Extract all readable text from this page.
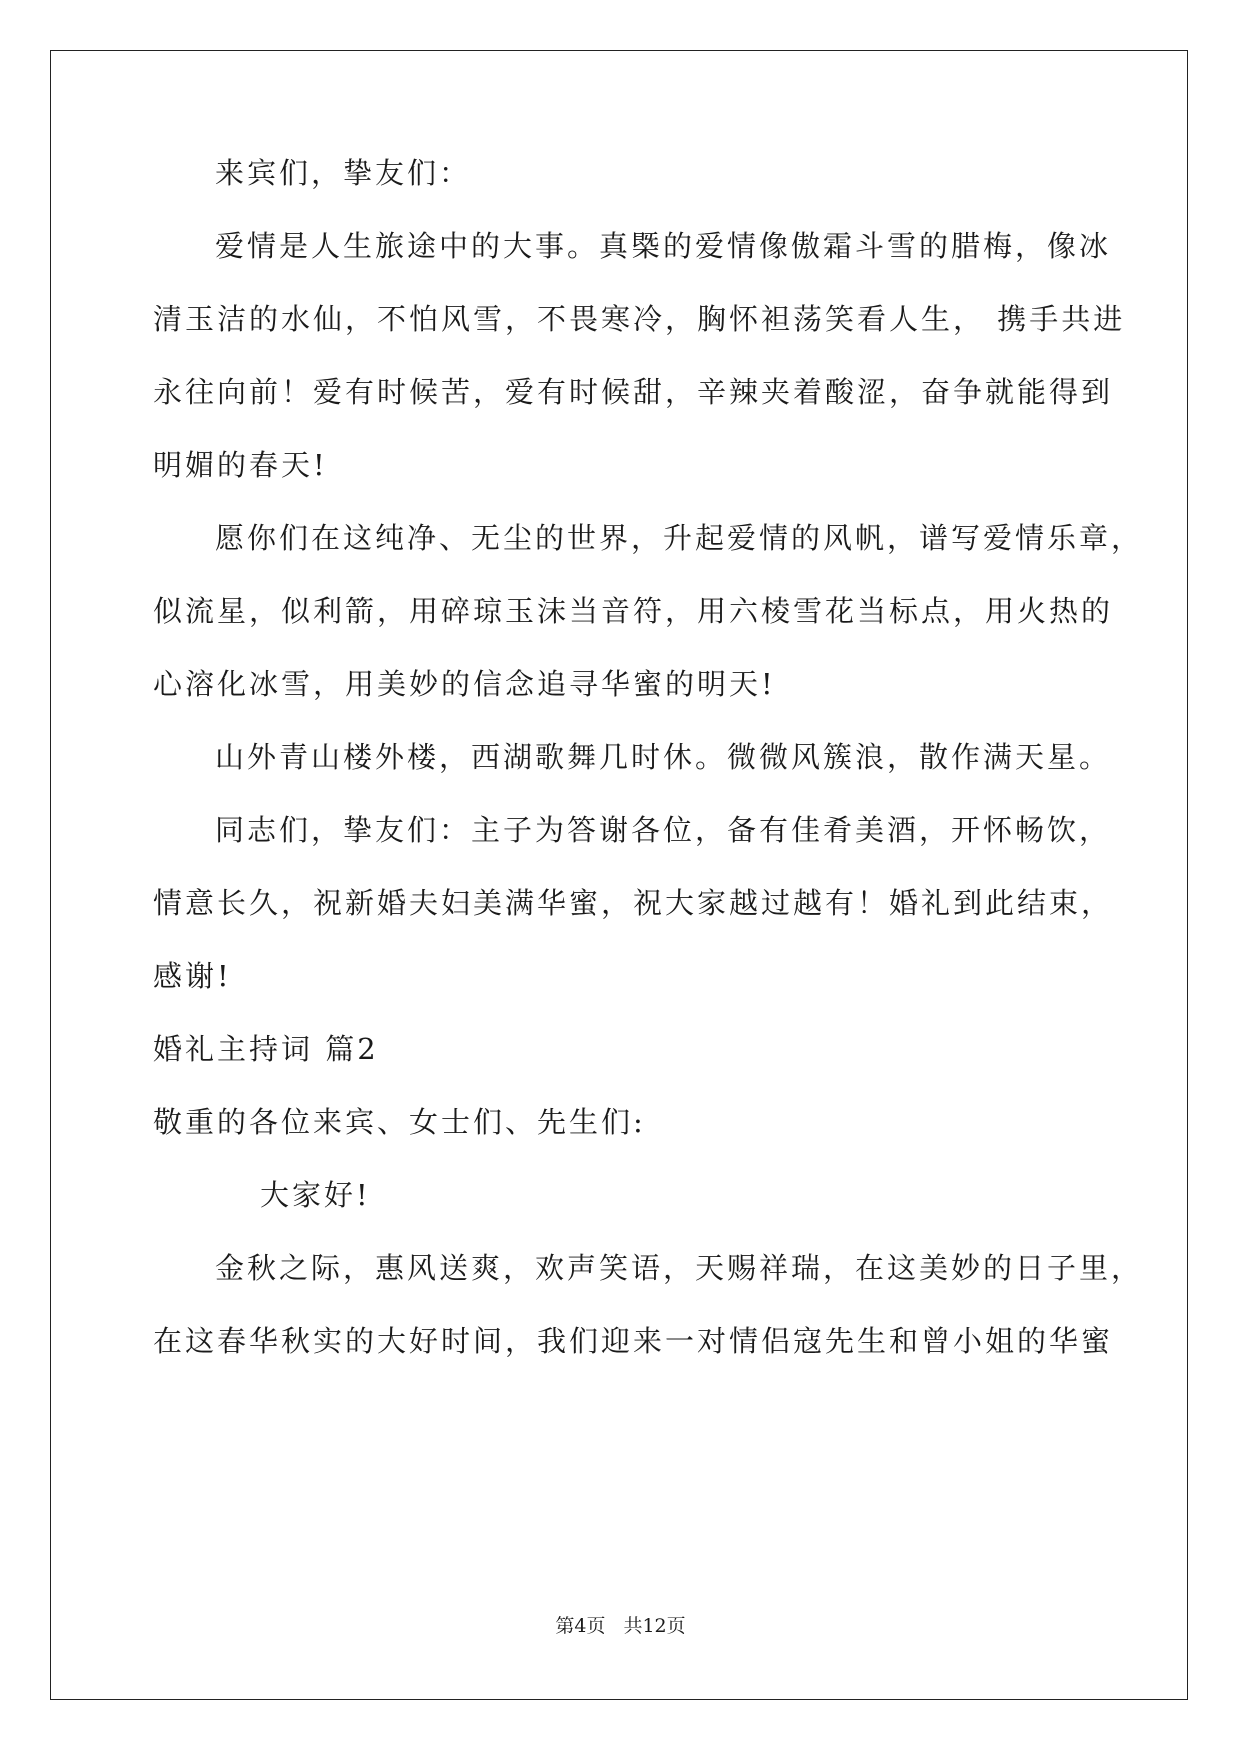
来宾们，挚友们：
爱情是人生旅途中的大事。真㮣的爱情像傲霜斗雪的腊梅，像冰
清玉洁的水仙，不怕风雪，不畏寒冷，胸怀袒荡笑看人生， 携手共进
永往向前！爱有时候苦，爱有时候甜，辛辣夹着酸涩，奋争就能得到
明媚的春天!
愿你们在这纯净、无尘的世界，升起爱情的风帆，谱写爱情乐章，
似流星，似利箭，用碎琼玉沫当音符，用六棱雪花当标点，用火热的
心溶化冰雪，用美妙的信念追寻华蜜的明天!
山外青山楼外楼，西湖歌舞几时休。微微风簇浪，散作满天星。
同志们，挚友们：主子为答谢各位，备有佳肴美酒，开怀畅饮，
情意长久，祝新婚夫妇美满华蜜，祝大家越过越有！婚礼到此结束，
感谢!
婚礼主持词 篇2
敬重的各位来宾、女士们、先生们:
大家好!
金秋之际，惠风送爽，欢声笑语，天赐祥瑞，在这美妙的日子里，
在这春华秋实的大好时间，我们迎来一对情侣寇先生和曾小姐的华蜜
第4页 共12页
